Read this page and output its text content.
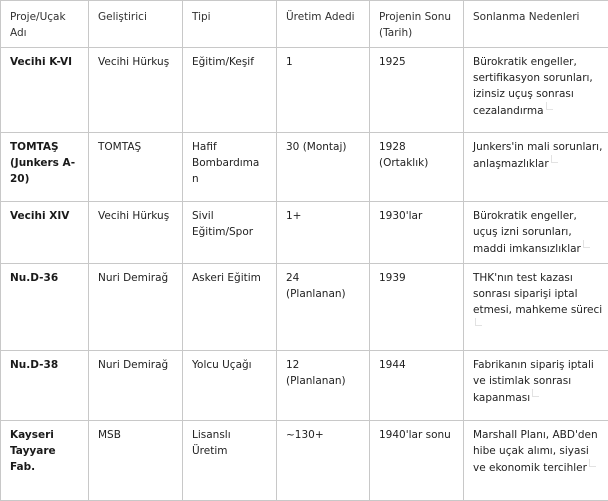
Proje/Uçak Adı	Geliştirici	Tipi	Üretim Adedi	Projenin Sonu (Tarih)	Sonlanma Nedenleri
Vecihi K-VI	Vecihi Hürkuş	Eğitim/Keşif	1	1925	Bürokratik engeller, sertifikasyon sorunları, izinsiz uçuş sonrası cezalandırma
TOMTAŞ (Junkers A-20)	TOMTAŞ	Hafif Bombardıma n	30 (Montaj)	1928 (Ortaklık)	Junkers'in mali sorunları, anlaşmazlıklar
Vecihi XIV	Vecihi Hürkuş	Sivil Eğitim/Spor	1+	1930'lar	Bürokratik engeller, uçuş izni sorunları, maddi imkansızlıklar
Nu.D-36	Nuri Demirağ	Askeri Eğitim	24 (Planlanan)	1939	THK'nın test kazası sonrası siparişi iptal etmesi, mahkeme süreci
Nu.D-38	Nuri Demirağ	Yolcu Uçağı	12 (Planlanan)	1944	Fabrikanın sipariş iptali ve istimlak sonrası kapanması
Kayseri Tayyare Fab.	MSB	Lisanslı Üretim	~130+	1940'lar sonu	Marshall Planı, ABD'den hibe uçak alımı, siyasi ve ekonomik tercihler
